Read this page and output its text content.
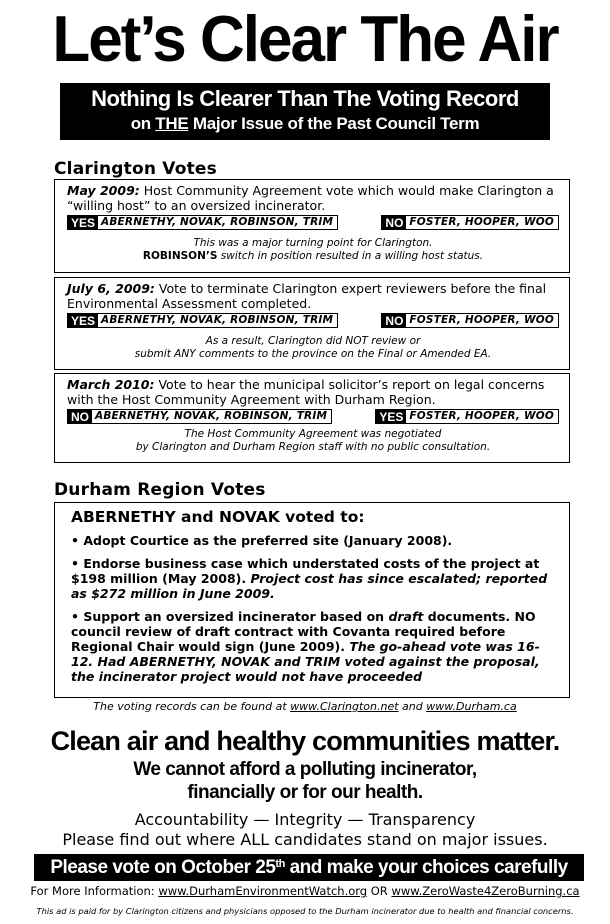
Let’s Clear The Air
Nothing Is Clearer Than The Voting Record
on THE Major Issue of the Past Council Term
Clarington Votes
May 2009: Host Community Agreement vote which would make Clarington a “willing host” to an oversized incinerator.
YES ABERNETHY, NOVAK, ROBINSON, TRIM	NO FOSTER, HOOPER, WOO
This was a major turning point for Clarington.
ROBINSON’S switch in position resulted in a willing host status.
July 6, 2009: Vote to terminate Clarington expert reviewers before the final Environmental Assessment completed.
YES ABERNETHY, NOVAK, ROBINSON, TRIM	NO FOSTER, HOOPER, WOO
As a result, Clarington did NOT review or
submit ANY comments to the province on the Final or Amended EA.
March 2010: Vote to hear the municipal solicitor’s report on legal concerns with the Host Community Agreement with Durham Region.
NO ABERNETHY, NOVAK, ROBINSON, TRIM	YES FOSTER, HOOPER, WOO
The Host Community Agreement was negotiated
by Clarington and Durham Region staff with no public consultation.
Durham Region Votes
ABERNETHY and NOVAK voted to:
• Adopt Courtice as the preferred site (January 2008).
• Endorse business case which understated costs of the project at $198 million (May 2008). Project cost has since escalated; reported as $272 million in June 2009.
• Support an oversized incinerator based on draft documents. NO council review of draft contract with Covanta required before Regional Chair would sign (June 2009). The go-ahead vote was 16-12. Had ABERNETHY, NOVAK and TRIM voted against the proposal, the incinerator project would not have proceeded
The voting records can be found at www.Clarington.net and www.Durham.ca
Clean air and healthy communities matter.
We cannot afford a polluting incinerator,
financially or for our health.
Accountability — Integrity — Transparency
Please find out where ALL candidates stand on major issues.
Please vote on October 25th and make your choices carefully
For More Information: www.DurhamEnvironmentWatch.org OR www.ZeroWaste4ZeroBurning.ca
This ad is paid for by Clarington citizens and physicians opposed to the Durham incinerator due to health and financial concerns.
